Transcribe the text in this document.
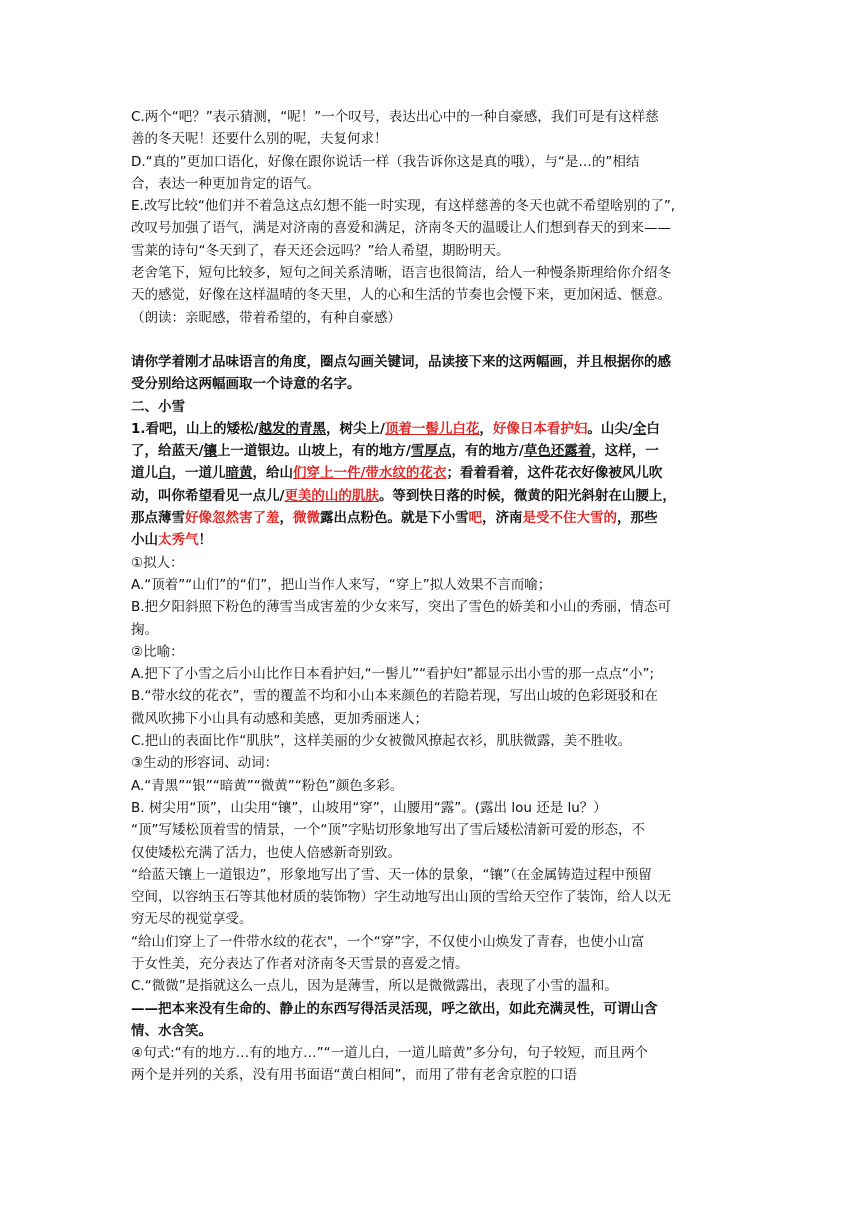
C.两个“吧？”表示猜测，“呢！”一个叹号，表达出心中的一种自豪感，我们可是有这样慈
善的冬天呢！还要什么别的呢，夫复何求！
D.“真的”更加口语化，好像在跟你说话一样（我告诉你这是真的哦），与“是…的”相结
合，表达一种更加肯定的语气。
E.改写比较“他们并不着急这点幻想不能一时实现，有这样慈善的冬天也就不希望啥别的了”,
改叹号加强了语气，满是对济南的喜爱和满足，济南冬天的温暖让人们想到春天的到来——
雪莱的诗句“冬天到了，春天还会远吗？”给人希望，期盼明天。
老舍笔下，短句比较多，短句之间关系清晰，语言也很简洁，给人一种慢条斯理给你介绍冬
天的感觉，好像在这样温晴的冬天里，人的心和生活的节奏也会慢下来，更加闲适、惬意。
（朗读：亲昵感，带着希望的，有种自豪感）
请你学着刚才品味语言的角度，圈点勾画关键词，品读接下来的这两幅画，并且根据你的感
受分别给这两幅画取一个诗意的名字。
二、小雪
1.看吧，山上的矮松/越发的青黑，树尖上/顶着一髻儿白花，好像日本看护妇。山尖/全白
了，给蓝天/镶上一道银边。山坡上，有的地方/雪厚点，有的地方/草色还露着，这样，一
道儿白，一道儿暗黄，给山们穿上一件/带水纹的花衣；看着看着，这件花衣好像被风儿吹
动，叫你希望看见一点儿/更美的山的肌肤。等到快日落的时候，微黄的阳光斜射在山腰上，
那点薄雪好像忽然害了羞，微微露出点粉色。就是下小雪吧，济南是受不住大雪的，那些
小山太秀气！
①拟人：
A.“顶着”“山们”的“们”，把山当作人来写，“穿上”拟人效果不言而喻；
B.把夕阳斜照下粉色的薄雪当成害羞的少女来写，突出了雪色的娇美和小山的秀丽，情态可
掬。
②比喻：
A.把下了小雪之后小山比作日本看护妇,“一髻儿”“看护妇”都显示出小雪的那一点点“小”;
B.“带水纹的花衣”，雪的覆盖不均和小山本来颜色的若隐若现，写出山坡的色彩斑驳和在
微风吹拂下小山具有动感和美感，更加秀丽迷人；
C.把山的表面比作“肌肤”，这样美丽的少女被微风撩起衣衫，肌肤微露，美不胜收。
③生动的形容词、动词：
A.“青黑”“银”“暗黄”“微黄”“粉色”颜色多彩。
B. 树尖用“顶”，山尖用“镶”，山坡用“穿”，山腰用“露”。(露出 lou 还是 lu？）
“顶”写矮松顶着雪的情景，一个“顶”字贴切形象地写出了雪后矮松清新可爱的形态，不
仅使矮松充满了活力，也使人倍感新奇别致。
“给蓝天镶上一道银边”，形象地写出了雪、天一体的景象，“镶”（在金属铸造过程中预留
空间，以容纳玉石等其他材质的装饰物）字生动地写出山顶的雪给天空作了装饰，给人以无
穷无尽的视觉享受。
“给山们穿上了一件带水纹的花衣"，一个“穿”字，不仅使小山焕发了青春，也使小山富
于女性美，充分表达了作者对济南冬天雪景的喜爱之情。
C.“微微”是指就这么一点儿，因为是薄雪，所以是微微露出，表现了小雪的温和。
——把本来没有生命的、静止的东西写得活灵活现，呼之欲出，如此充满灵性，可谓山含
情、水含笑。
④句式:“有的地方…有的地方…”“一道儿白，一道儿暗黄”多分句，句子较短，而且两个
两个是并列的关系，没有用书面语“黄白相间”，而用了带有老舍京腔的口语
